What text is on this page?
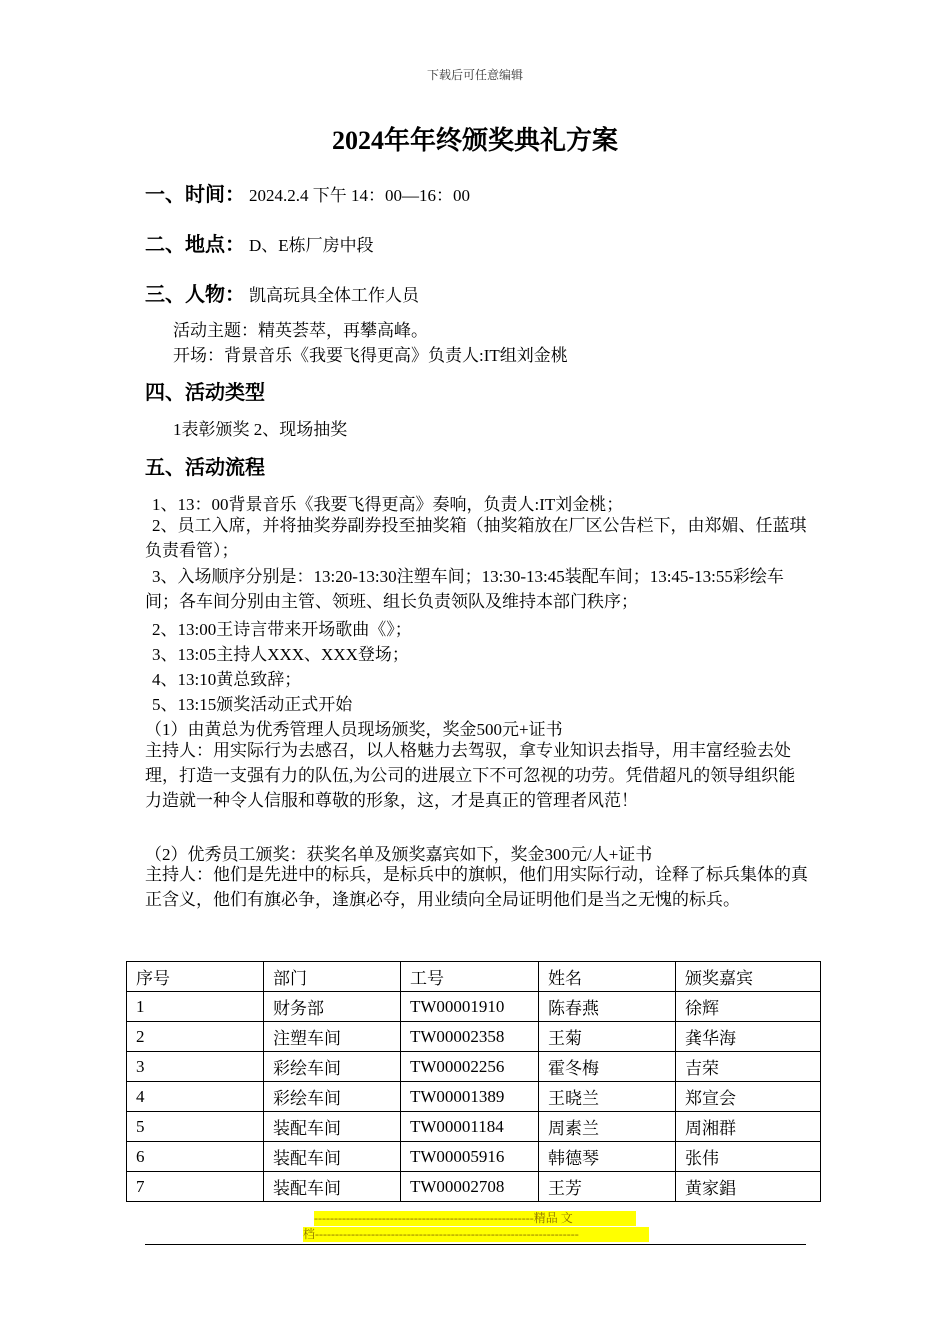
下载后可任意编辑
2024年年终颁奖典礼方案
一、时间： 2024.2.4 下午 14：00—16：00
二、地点： D、E栋厂房中段
三、人物： 凯高玩具全体工作人员
活动主题：精英荟萃，再攀高峰。
开场：背景音乐《我要飞得更高》负责人:IT组刘金桃
四、活动类型
1表彰颁奖 2、现场抽奖
五、活动流程
1、13：00背景音乐《我要飞得更高》奏响，负责人:IT刘金桃；
2、员工入席，并将抽奖券副券投至抽奖箱（抽奖箱放在厂区公告栏下，由郑媚、任蓝琪负责看管）；
3、入场顺序分别是：13:20-13:30注塑车间；13:30-13:45装配车间；13:45-13:55彩绘车间；各车间分别由主管、领班、组长负责领队及维持本部门秩序；
2、13:00王诗言带来开场歌曲《》；
3、13:05主持人XXX、XXX登场；
4、13:10黄总致辞；
5、13:15颁奖活动正式开始
（1）由黄总为优秀管理人员现场颁奖，奖金500元+证书
主持人：用实际行为去感召，以人格魅力去驾驭，拿专业知识去指导，用丰富经验去处理，打造一支强有力的队伍,为公司的进展立下不可忽视的功劳。凭借超凡的领导组织能力造就一种令人信服和尊敬的形象，这，才是真正的管理者风范！
（2）优秀员工颁奖：获奖名单及颁奖嘉宾如下，奖金300元/人+证书
主持人：他们是先进中的标兵，是标兵中的旗帜，他们用实际行动，诠释了标兵集体的真正含义，他们有旗必争，逢旗必夺，用业绩向全局证明他们是当之无愧的标兵。
序号	部门	工号	姓名	颁奖嘉宾
1	财务部	TW00001910	陈春燕	徐辉
2	注塑车间	TW00002358	王菊	龚华海
3	彩绘车间	TW00002256	霍冬梅	吉荣
4	彩绘车间	TW00001389	王晓兰	郑宣会
5	装配车间	TW00001184	周素兰	周湘群
6	装配车间	TW00005916	韩德琴	张伟
7	装配车间	TW00002708	王芳	黄家錩
-------------------------------------------------------精品 文
档------------------------------------------------------------------
